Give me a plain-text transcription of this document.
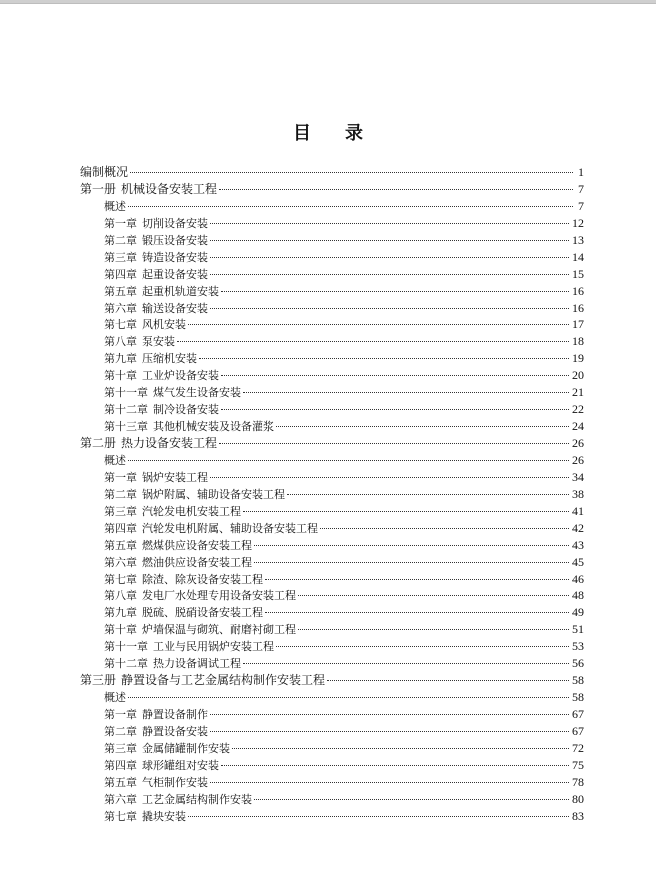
目 录
编制概况	1
第一册 机械设备安装工程	7
概述	7
第一章 切削设备安装	12
第二章 锻压设备安装	13
第三章 铸造设备安装	14
第四章 起重设备安装	15
第五章 起重机轨道安装	16
第六章 输送设备安装	16
第七章 风机安装	17
第八章 泵安装	18
第九章 压缩机安装	19
第十章 工业炉设备安装	20
第十一章 煤气发生设备安装	21
第十二章 制冷设备安装	22
第十三章 其他机械安装及设备灌浆	24
第二册 热力设备安装工程	26
概述	26
第一章 锅炉安装工程	34
第二章 锅炉附属、辅助设备安装工程	38
第三章 汽轮发电机安装工程	41
第四章 汽轮发电机附属、辅助设备安装工程	42
第五章 燃煤供应设备安装工程	43
第六章 燃油供应设备安装工程	45
第七章 除渣、除灰设备安装工程	46
第八章 发电厂水处理专用设备安装工程	48
第九章 脱硫、脱硝设备安装工程	49
第十章 炉墙保温与砌筑、耐磨衬砌工程	51
第十一章 工业与民用锅炉安装工程	53
第十二章 热力设备调试工程	56
第三册 静置设备与工艺金属结构制作安装工程	58
概述	58
第一章 静置设备制作	67
第二章 静置设备安装	67
第三章 金属储罐制作安装	72
第四章 球形罐组对安装	75
第五章 气柜制作安装	78
第六章 工艺金属结构制作安装	80
第七章 撬块安装	83
